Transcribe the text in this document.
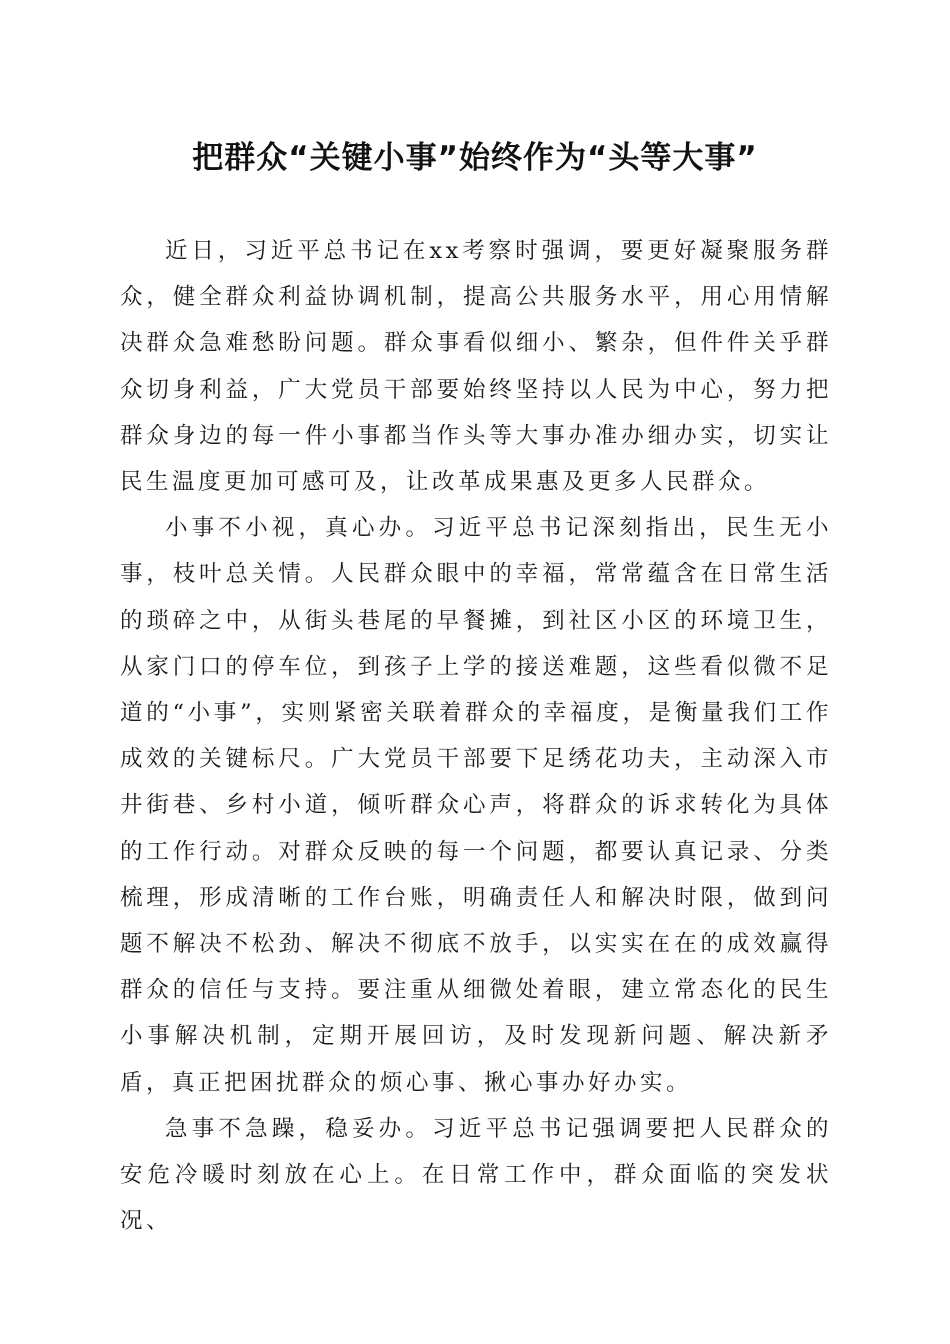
把群众“关键小事”始终作为“头等大事”

近日，习近平总书记在xx考察时强调，要更好凝聚服务群众，健全群众利益协调机制，提高公共服务水平，用心用情解决群众急难愁盼问题。群众事看似细小、繁杂，但件件关乎群众切身利益，广大党员干部要始终坚持以人民为中心，努力把群众身边的每一件小事都当作头等大事办准办细办实，切实让民生温度更加可感可及，让改革成果惠及更多人民群众。

小事不小视，真心办。习近平总书记深刻指出，民生无小事，枝叶总关情。人民群众眼中的幸福，常常蕴含在日常生活的琐碎之中，从街头巷尾的早餐摊，到社区小区的环境卫生，从家门口的停车位，到孩子上学的接送难题，这些看似微不足道的“小事”，实则紧密关联着群众的幸福度，是衡量我们工作成效的关键标尺。广大党员干部要下足绣花功夫，主动深入市井街巷、乡村小道，倾听群众心声，将群众的诉求转化为具体的工作行动。对群众反映的每一个问题，都要认真记录、分类梳理，形成清晰的工作台账，明确责任人和解决时限，做到问题不解决不松劲、解决不彻底不放手，以实实在在的成效赢得群众的信任与支持。要注重从细微处着眼，建立常态化的民生小事解决机制，定期开展回访，及时发现新问题、解决新矛盾，真正把困扰群众的烦心事、揪心事办好办实。

急事不急躁，稳妥办。习近平总书记强调要把人民群众的安危冷暖时刻放在心上。在日常工作中，群众面临的突发状况、
